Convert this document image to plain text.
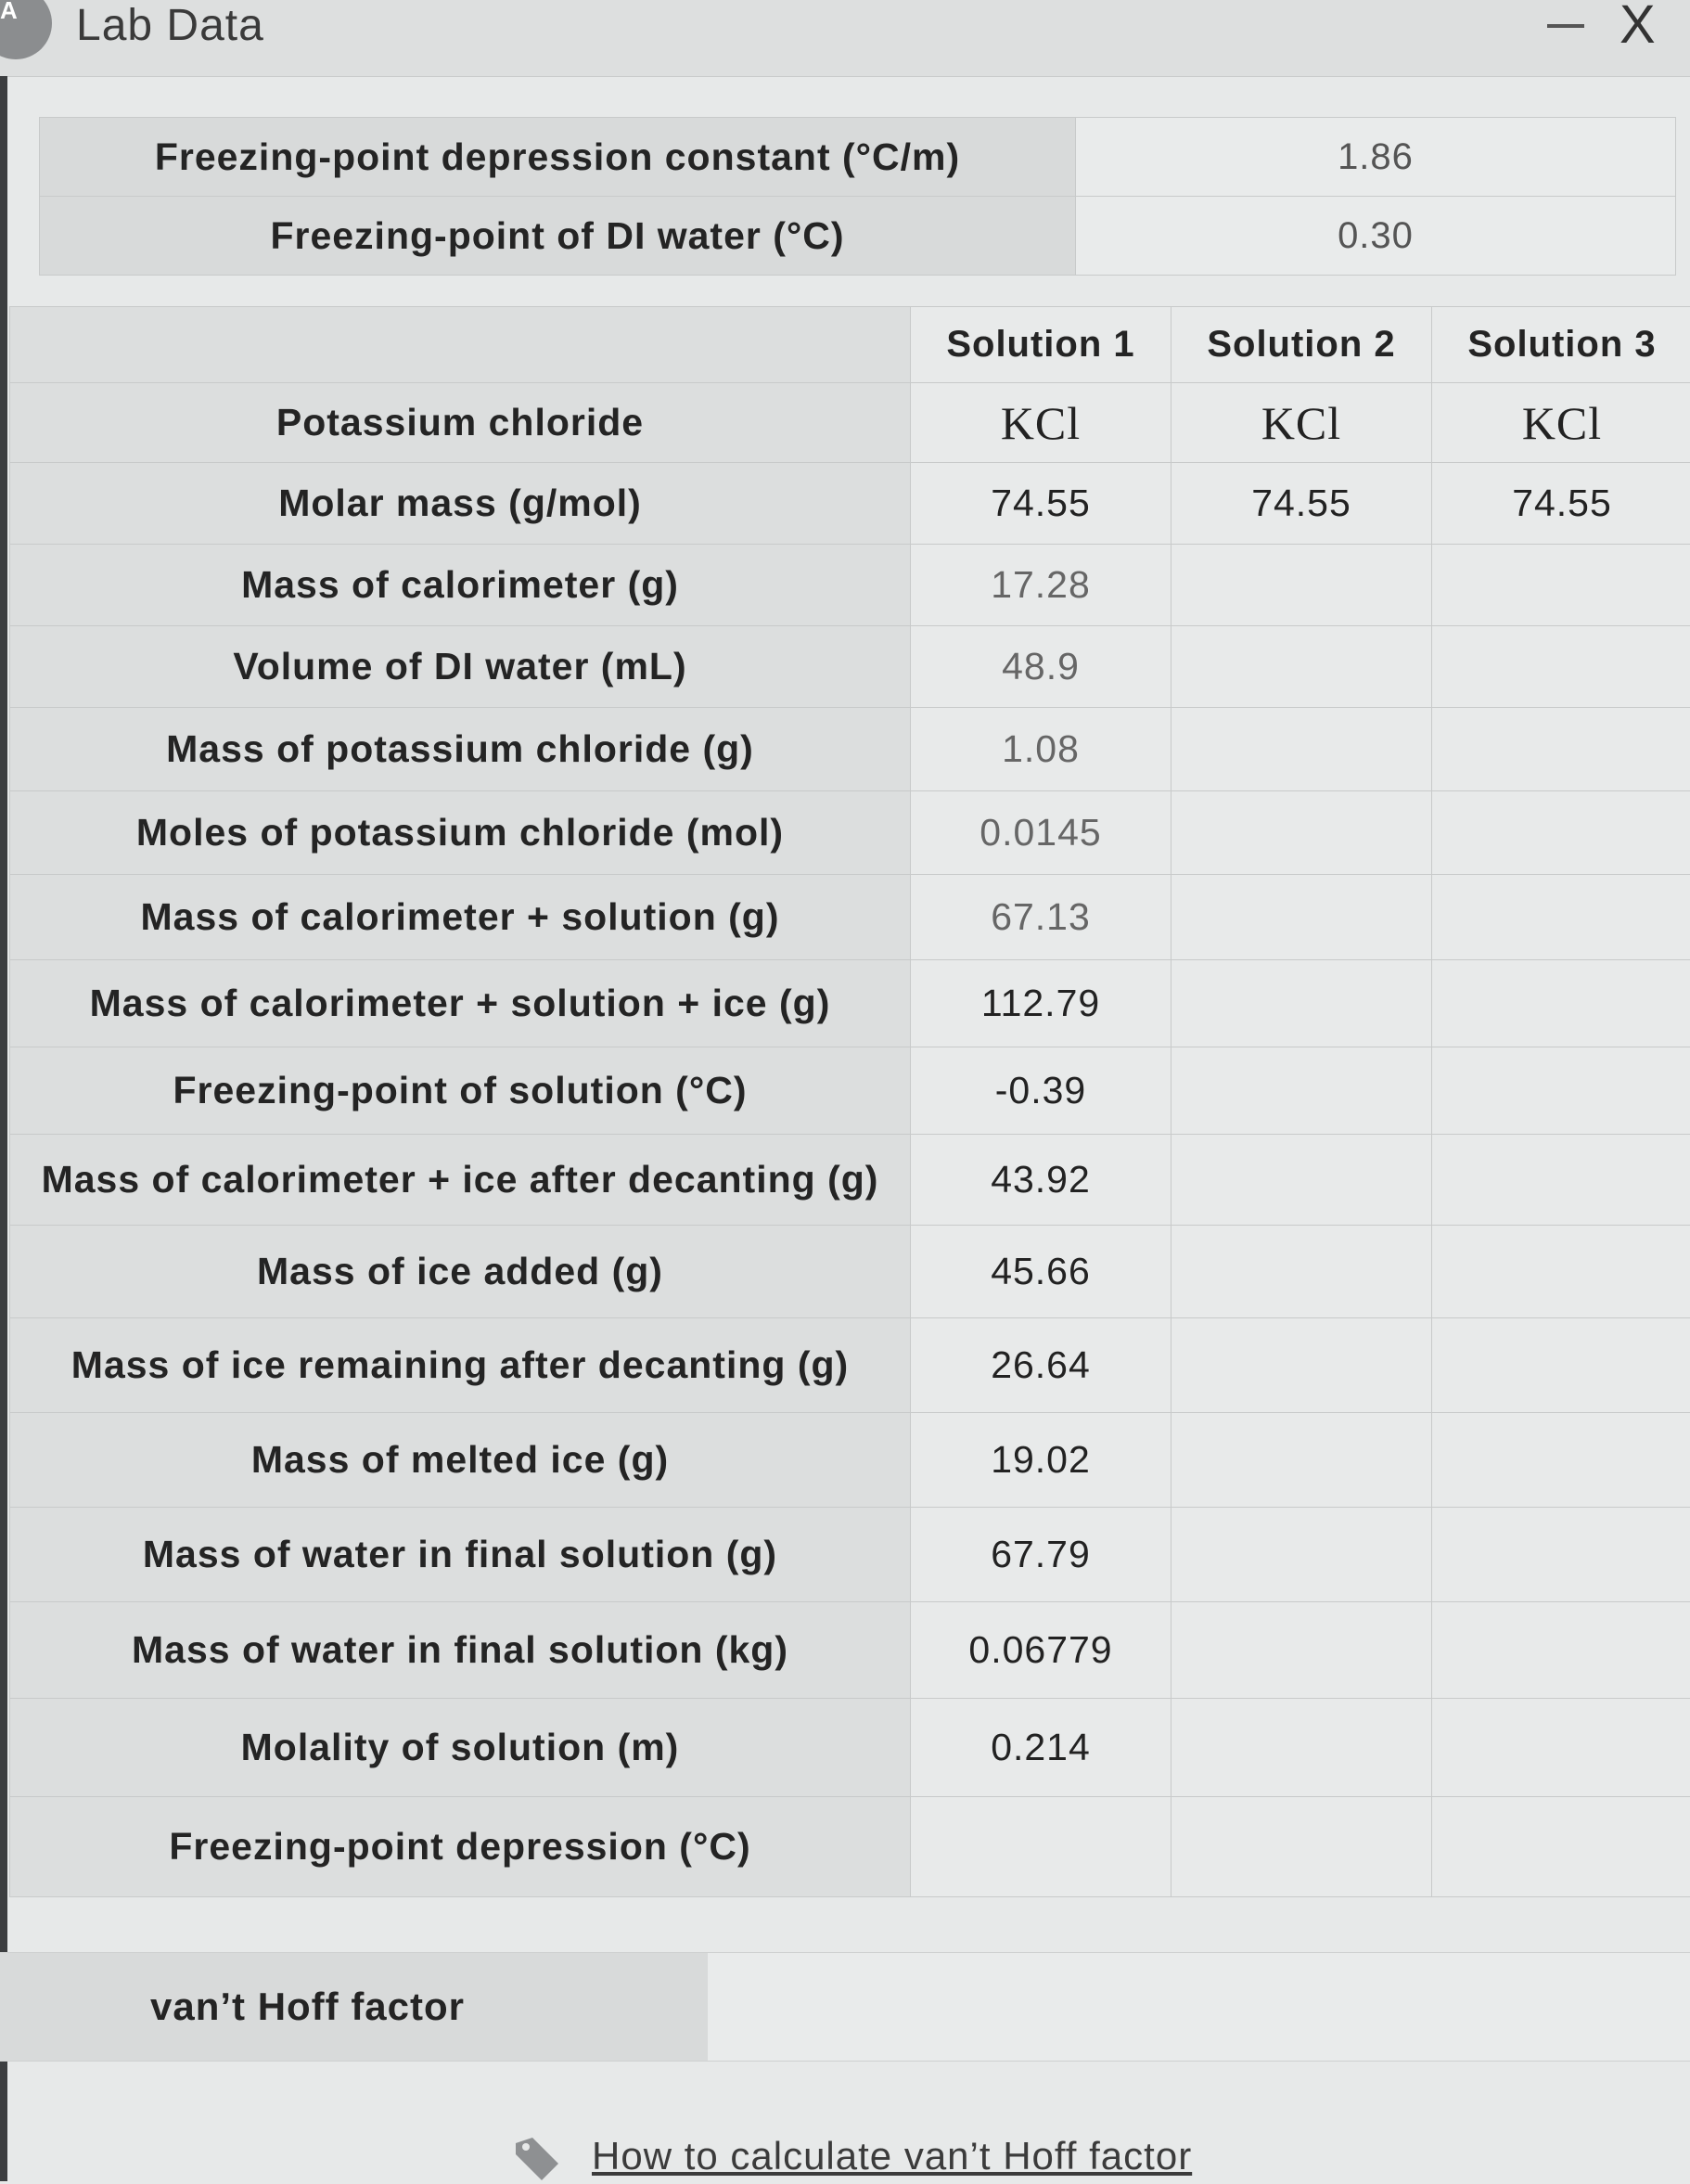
A Lab Data	X
Freezing-point depression constant (°C/m)	1.86
Freezing-point of DI water (°C)	0.30
	Solution 1	Solution 2	Solution 3
Potassium chloride	KCl	KCl	KCl
Molar mass (g/mol)	74.55	74.55	74.55
Mass of calorimeter (g)	17.28		
Volume of DI water (mL)	48.9		
Mass of potassium chloride (g)	1.08		
Moles of potassium chloride (mol)	0.0145		
Mass of calorimeter + solution (g)	67.13		
Mass of calorimeter + solution + ice (g)	112.79		
Freezing-point of solution (°C)	-0.39		
Mass of calorimeter + ice after decanting (g)	43.92		
Mass of ice added (g)	45.66		
Mass of ice remaining after decanting (g)	26.64		
Mass of melted ice (g)	19.02		
Mass of water in final solution (g)	67.79		
Mass of water in final solution (kg)	0.06779		
Molality of solution (m)	0.214		
Freezing-point depression (°C)			
van’t Hoff factor
How to calculate van’t Hoff factor
